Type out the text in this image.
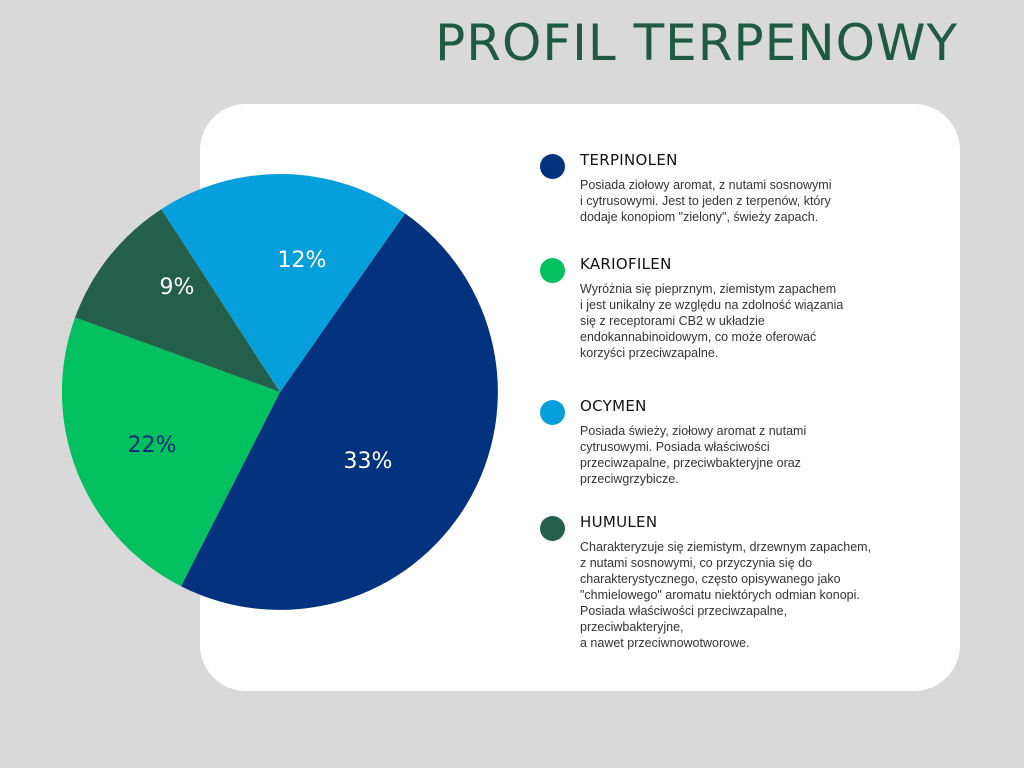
PROFIL TERPENOWY
33%
22%
9%
12%
TERPINOLEN

Posiada ziołowy aromat, z nutami sosnowymi
i cytrusowymi. Jest to jeden z terpenów, który
dodaje konopiom "zielony", świeży zapach.

KARIOFILEN

Wyróżnia się pieprznym, ziemistym zapachem
i jest unikalny ze względu na zdolność wiązania
się z receptorami CB2 w układzie
endokannabinoidowym, co może oferować
korzyści przeciwzapalne.

OCYMEN

Posiada świeży, ziołowy aromat z nutami
cytrusowymi. Posiada właściwości
przeciwzapalne, przeciwbakteryjne oraz
przeciwgrzybicze.

HUMULEN

Charakteryzuje się ziemistym, drzewnym zapachem,
z nutami sosnowymi, co przyczynia się do
charakterystycznego, często opisywanego jako
"chmielowego" aromatu niektórych odmian konopi.
Posiada właściwości przeciwzapalne,
przeciwbakteryjne,
a nawet przeciwnowotworowe.
